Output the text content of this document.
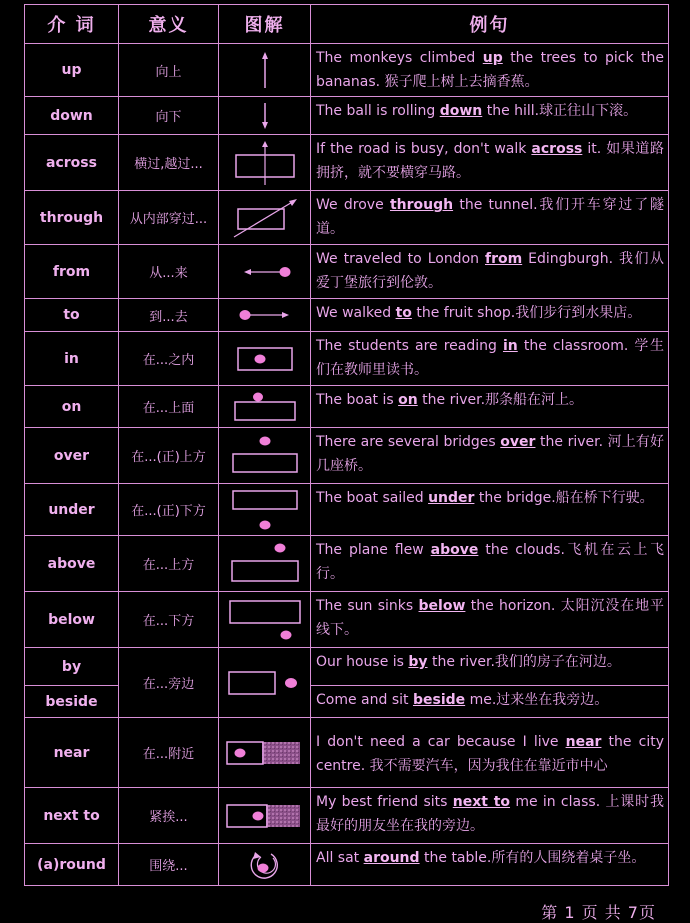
介 词	意义	图解	例句
up	向上		The monkeys climbed up the trees to pick the bananas. 猴子爬上树上去摘香蕉。
down	向下		The ball is rolling down the hill.球正往山下滚。
across	横过,越过...		If the road is busy, don't walk across it. 如果道路拥挤，就不要横穿马路。
through	从内部穿过...		We drove through the tunnel.我们开车穿过了隧道。
from	从...来		We traveled to London from Edingburgh. 我们从爱丁堡旅行到伦敦。
to	到...去		We walked to the fruit shop.我们步行到水果店。
in	在...之内		The students are reading in the classroom. 学生们在教师里读书。
on	在...上面		The boat is on the river.那条船在河上。
over	在...(正)上方		There are several bridges over the river. 河上有好几座桥。
under	在...(正)下方		The boat sailed under the bridge.船在桥下行驶。
above	在...上方		The plane flew above the clouds.飞机在云上飞行。
below	在...下方		The sun sinks below the horizon. 太阳沉没在地平线下。
by	在...旁边		Our house is by the river.我们的房子在河边。
beside			Come and sit beside me.过来坐在我旁边。
near	在...附近		I don't need a car because I live near the city centre. 我不需要汽车，因为我住在靠近市中心
next to	紧挨...		My best friend sits next to me in class. 上课时我最好的朋友坐在我的旁边。
(a)round	围绕...		All sat around the table.所有的人围绕着桌子坐。
第 1 页 共 7页
